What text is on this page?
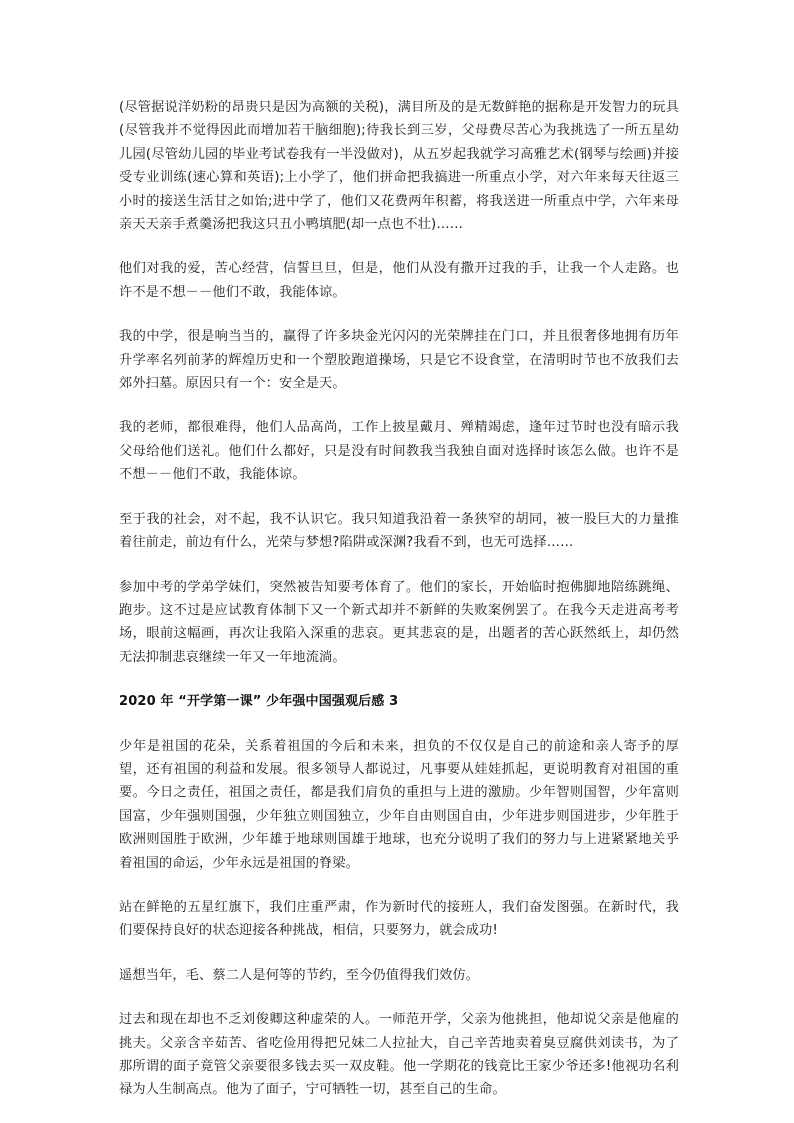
(尽管据说洋奶粉的昂贵只是因为高额的关税)，满目所及的是无数鲜艳的据称是开发智力的玩具(尽管我并不觉得因此而增加若干脑细胞);待我长到三岁，父母费尽苦心为我挑选了一所五星幼儿园(尽管幼儿园的毕业考试卷我有一半没做对)，从五岁起我就学习高雅艺术(钢琴与绘画)并接受专业训练(速心算和英语);上小学了，他们拼命把我搞进一所重点小学，对六年来每天往返三小时的接送生活甘之如饴;进中学了，他们又花费两年积蓄，将我送进一所重点中学，六年来母亲天天亲手煮羹汤把我这只丑小鸭填肥(却一点也不壮)……

他们对我的爱，苦心经营，信誓旦旦，但是，他们从没有撒开过我的手，让我一个人走路。也许不是不想－－他们不敢，我能体谅。

我的中学，很是响当当的，赢得了许多块金光闪闪的光荣牌挂在门口，并且很奢侈地拥有历年升学率名列前茅的辉煌历史和一个塑胶跑道操场，只是它不设食堂，在清明时节也不放我们去郊外扫墓。原因只有一个：安全是天。

我的老师，都很难得，他们人品高尚，工作上披星戴月、殚精竭虑，逢年过节时也没有暗示我父母给他们送礼。他们什么都好，只是没有时间教我当我独自面对选择时该怎么做。也许不是不想－－他们不敢，我能体谅。

至于我的社会，对不起，我不认识它。我只知道我沿着一条狭窄的胡同，被一股巨大的力量推着往前走，前边有什么，光荣与梦想?陷阱或深渊?我看不到，也无可选择……

参加中考的学弟学妹们，突然被告知要考体育了。他们的家长，开始临时抱佛脚地陪练跳绳、跑步。这不过是应试教育体制下又一个新式却并不新鲜的失败案例罢了。在我今天走进高考考场，眼前这幅画，再次让我陷入深重的悲哀。更其悲哀的是，出题者的苦心跃然纸上，却仍然无法抑制悲哀继续一年又一年地流淌。

2020 年 “开学第一课” 少年强中国强观后感 3

少年是祖国的花朵，关系着祖国的今后和未来，担负的不仅仅是自己的前途和亲人寄予的厚望，还有祖国的利益和发展。很多领导人都说过，凡事要从娃娃抓起，更说明教育对祖国的重要。今日之责任，祖国之责任，都是我们肩负的重担与上进的激励。少年智则国智，少年富则国富，少年强则国强，少年独立则国独立，少年自由则国自由，少年进步则国进步，少年胜于欧洲则国胜于欧洲，少年雄于地球则国雄于地球，也充分说明了我们的努力与上进紧紧地关乎着祖国的命运，少年永远是祖国的脊梁。

站在鲜艳的五星红旗下，我们庄重严肃，作为新时代的接班人，我们奋发图强。在新时代，我们要保持良好的状态迎接各种挑战，相信，只要努力，就会成功!

遥想当年，毛、蔡二人是何等的节约，至今仍值得我们效仿。

过去和现在却也不乏刘俊卿这种虚荣的人。一师范开学，父亲为他挑担，他却说父亲是他雇的挑夫。父亲含辛茹苦、省吃俭用得把兄妹二人拉扯大，自己辛苦地卖着臭豆腐供刘读书，为了那所谓的面子竟管父亲要很多钱去买一双皮鞋。他一学期花的钱竟比王家少爷还多!他视功名利禄为人生制高点。他为了面子，宁可牺牲一切，甚至自己的生命。
